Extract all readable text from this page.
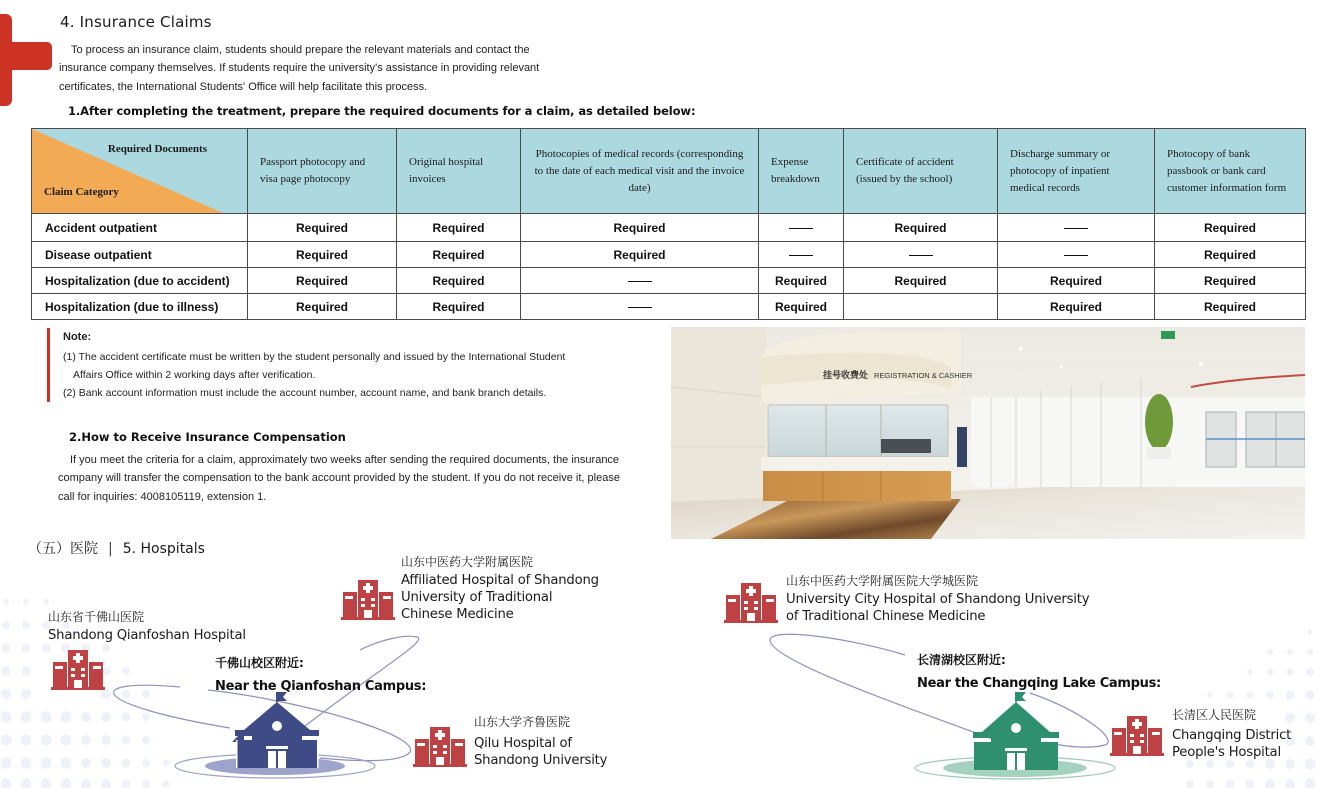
4. Insurance Claims

To process an insurance claim, students should prepare the relevant materials and contact the insurance company themselves. If students require the university's assistance in providing relevant certificates, the International Students' Office will help facilitate this process.

1.After completing the treatment, prepare the required documents for a claim, as detailed below:
Required Documents
Claim Category	Passport photocopy and visa page photocopy	Original hospital invoices	Photocopies of medical records (corresponding to the date of each medical visit and the invoice date)	Expense breakdown	Certificate of accident (issued by the school)	Discharge summary or photocopy of inpatient medical records	Photocopy of bank passbook or bank card customer information form
Accident outpatient	Required	Required	Required		Required		Required
Disease outpatient	Required	Required	Required				Required
Hospitalization (due to accident)	Required	Required		Required	Required	Required	Required
Hospitalization (due to illness)	Required	Required		Required		Required	Required
Note:
(1) The accident certificate must be written by the student personally and issued by the International Student
Affairs Office within 2 working days after verification.
(2) Bank account information must include the account number, account name, and bank branch details.
2.How to Receive Insurance Compensation

If you meet the criteria for a claim, approximately two weeks after sending the required documents, the insurance company will transfer the compensation to the bank account provided by the student. If you do not receive it, please call for inquiries: 4008105119, extension 1.

挂号收费处 REGISTRATION & CASHIER
（五）医院 | 5. Hospitals
山东省千佛山医院
Shandong Qianfoshan Hospital
山东中医药大学附属医院
Affiliated Hospital of Shandong
University of Traditional
Chinese Medicine
山东大学齐鲁医院
Qilu Hospital of
Shandong University
千佛山校区附近:
Near the Qianfoshan Campus:
山东中医药大学附属医院大学城医院
University City Hospital of Shandong University
of Traditional Chinese Medicine
长清区人民医院
Changqing District
People's Hospital
长清湖校区附近:
Near the Changqing Lake Campus:
